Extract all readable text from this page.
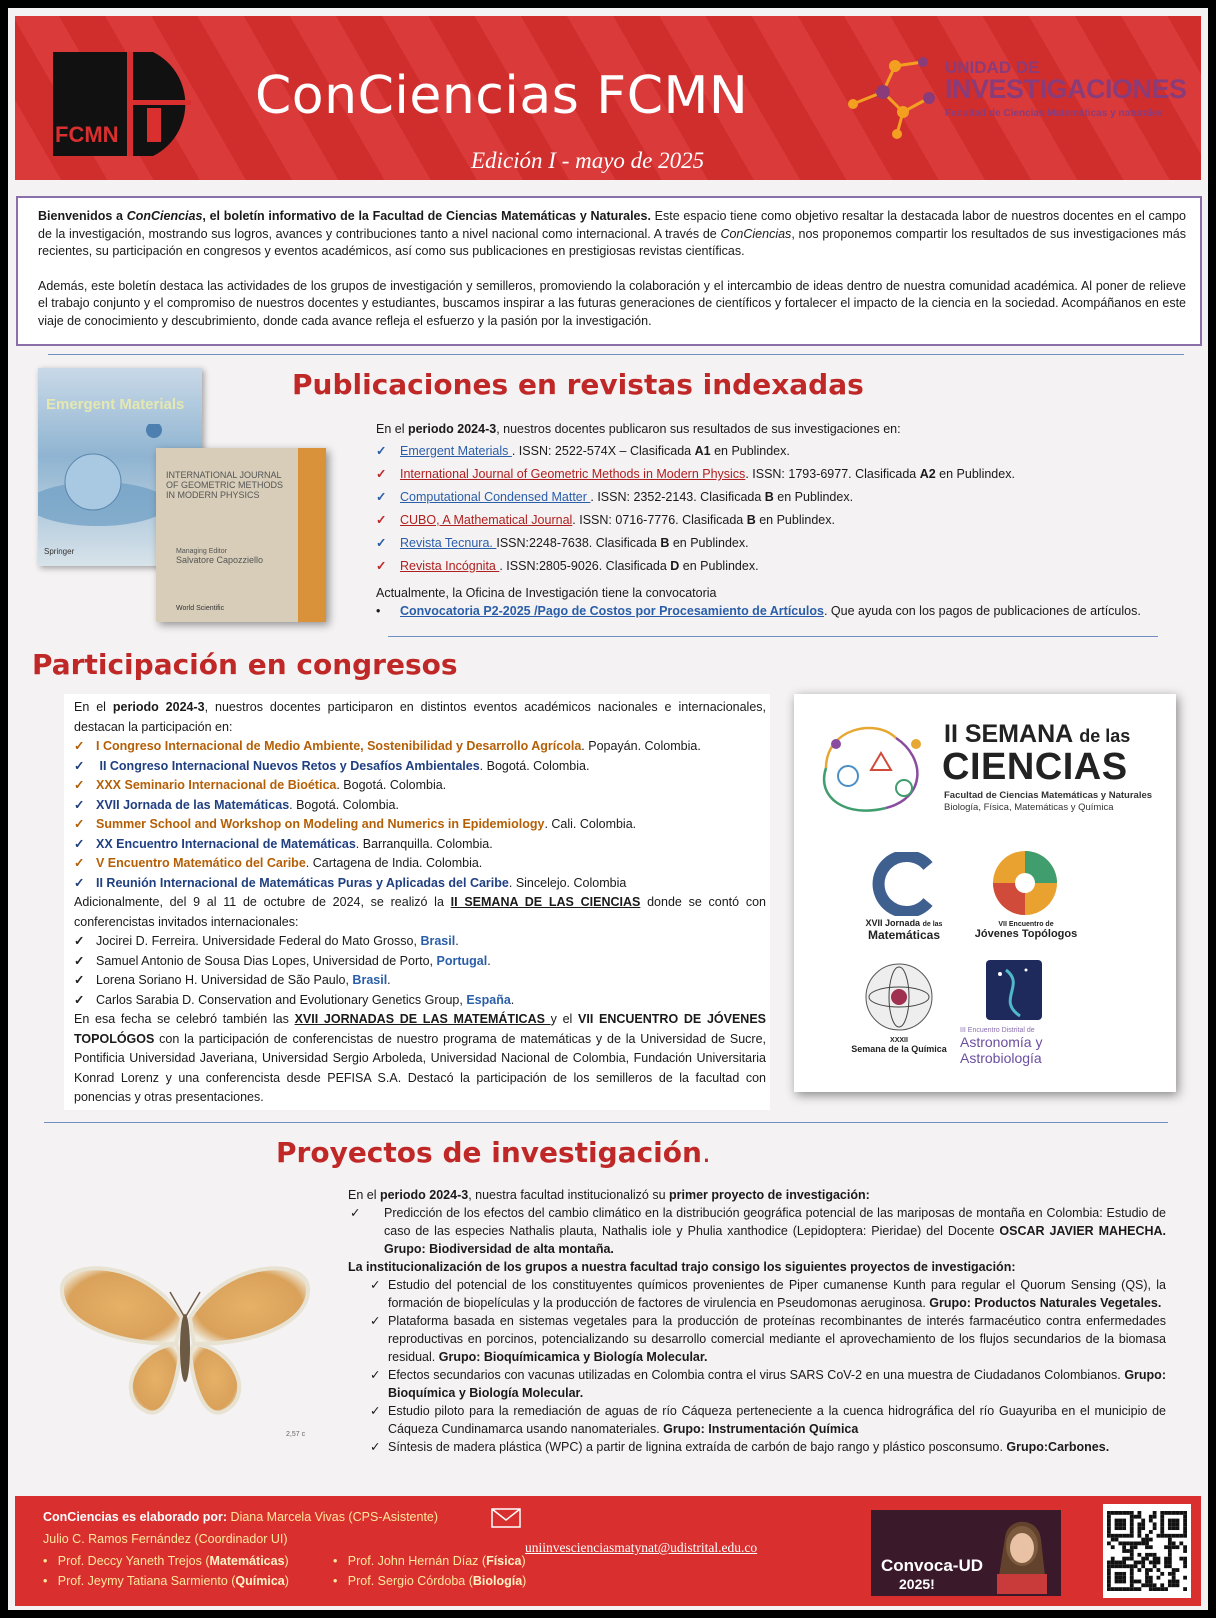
FCMN
ConCiencias FCMN
Edición I - mayo de 2025
UNIDAD DE
INVESTIGACIONES
Facultad de Ciencias Matemáticas y naturales

Bienvenidos a ConCiencias, el boletín informativo de la Facultad de Ciencias Matemáticas y Naturales. Este espacio tiene como objetivo resaltar la destacada labor de nuestros docentes en el campo de la investigación, mostrando sus logros, avances y contribuciones tanto a nivel nacional como internacional. A través de ConCiencias, nos proponemos compartir los resultados de sus investigaciones más recientes, su participación en congresos y eventos académicos, así como sus publicaciones en prestigiosas revistas científicas.

Además, este boletín destaca las actividades de los grupos de investigación y semilleros, promoviendo la colaboración y el intercambio de ideas dentro de nuestra comunidad académica. Al poner de relieve el trabajo conjunto y el compromiso de nuestros docentes y estudiantes, buscamos inspirar a las futuras generaciones de científicos y fortalecer el impacto de la ciencia en la sociedad. Acompáñanos en este viaje de conocimiento y descubrimiento, donde cada avance refleja el esfuerzo y la pasión por la investigación.

Emergent Materials
Springer
INTERNATIONAL JOURNAL OF GEOMETRIC METHODS IN MODERN PHYSICS
Managing Editor
Salvatore Capozziello
World Scientific
Publicaciones en revistas indexadas
En el periodo 2024-3, nuestros docentes publicaron sus resultados de sus investigaciones en:
✓ Emergent Materials . ISSN: 2522-574X – Clasificada A1 en Publindex.
✓ International Journal of Geometric Methods in Modern Physics. ISSN: 1793-6977. Clasificada A2 en Publindex.
✓ Computational Condensed Matter . ISSN: 2352-2143. Clasificada B en Publindex.
✓ CUBO, A Mathematical Journal. ISSN: 0716-7776. Clasificada B en Publindex.
✓ Revista Tecnura. ISSN:2248-7638. Clasificada B en Publindex.
✓ Revista Incógnita . ISSN:2805-9026. Clasificada D en Publindex.
Actualmente, la Oficina de Investigación tiene la convocatoria
• Convocatoria P2-2025 /Pago de Costos por Procesamiento de Artículos. Que ayuda con los pagos de publicaciones de artículos.
Participación en congresos
En el periodo 2024-3, nuestros docentes participaron en distintos eventos académicos nacionales e internacionales, destacan la participación en:
✓ I Congreso Internacional de Medio Ambiente, Sostenibilidad y Desarrollo Agrícola. Popayán. Colombia.
✓ II Congreso Internacional Nuevos Retos y Desafíos Ambientales. Bogotá. Colombia.
✓ XXX Seminario Internacional de Bioética. Bogotá. Colombia.
✓ XVII Jornada de las Matemáticas. Bogotá. Colombia.
✓ Summer School and Workshop on Modeling and Numerics in Epidemiology. Cali. Colombia.
✓ XX Encuentro Internacional de Matemáticas. Barranquilla. Colombia.
✓ V Encuentro Matemático del Caribe. Cartagena de India. Colombia.
✓ II Reunión Internacional de Matemáticas Puras y Aplicadas del Caribe. Sincelejo. Colombia
Adicionalmente, del 9 al 11 de octubre de 2024, se realizó la II SEMANA DE LAS CIENCIAS donde se contó con conferencistas invitados internacionales:
✓ Jocirei D. Ferreira. Universidade Federal do Mato Grosso, Brasil.
✓ Samuel Antonio de Sousa Dias Lopes, Universidad de Porto, Portugal.
✓ Lorena Soriano H. Universidad de São Paulo, Brasil.
✓ Carlos Sarabia D. Conservation and Evolutionary Genetics Group, España.
En esa fecha se celebró también las XVII JORNADAS DE LAS MATEMÁTICAS y el VII ENCUENTRO DE JÓVENES TOPOLÓGOS con la participación de conferencistas de nuestro programa de matemáticas y de la Universidad de Sucre, Pontificia Universidad Javeriana, Universidad Sergio Arboleda, Universidad Nacional de Colombia, Fundación Universitaria Konrad Lorenz y una conferencista desde PEFISA S.A. Destacó la participación de los semilleros de la facultad con ponencias y otras presentaciones.
II SEMANA de las
CIENCIAS
Facultad de Ciencias Matemáticas y Naturales
Biología, Física, Matemáticas y Química
XVII Jornada de las
Matemáticas
VII Encuentro de
Jóvenes Topólogos
XXXII
Semana de la Química
III Encuentro Distrital de
Astronomía y
Astrobiología
Proyectos de investigación.
2,57 c

En el periodo 2024-3, nuestra facultad institucionalizó su primer proyecto de investigación:

✓	Predicción de los efectos del cambio climático en la distribución geográfica potencial de las mariposas de montaña en Colombia: Estudio de caso de las especies Nathalis plauta, Nathalis iole y Phulia xanthodice (Lepidoptera: Pieridae) del Docente OSCAR JAVIER MAHECHA. Grupo: Biodiversidad de alta montaña.

La institucionalización de los grupos a nuestra facultad trajo consigo los siguientes proyectos de investigación:

✓ Estudio del potencial de los constituyentes químicos provenientes de Piper cumanense Kunth para regular el Quorum Sensing (QS), la formación de biopelículas y la producción de factores de virulencia en Pseudomonas aeruginosa. Grupo: Productos Naturales Vegetales.
✓ Plataforma basada en sistemas vegetales para la producción de proteínas recombinantes de interés farmacéutico contra enfermedades reproductivas en porcinos, potencializando su desarrollo comercial mediante el aprovechamiento de los flujos secundarios de la biomasa residual. Grupo: Bioquímicamica y Biología Molecular.
✓ Efectos secundarios con vacunas utilizadas en Colombia contra el virus SARS CoV-2 en una muestra de Ciudadanos Colombianos. Grupo: Bioquímica y Biología Molecular.
✓ Estudio piloto para la remediación de aguas de río Cáqueza perteneciente a la cuenca hidrográfica del río Guayuriba en el municipio de Cáqueza Cundinamarca usando nanomateriales. Grupo: Instrumentación Química
✓ Síntesis de madera plástica (WPC) a partir de lignina extraída de carbón de bajo rango y plástico posconsumo. Grupo:Carbones.
ConCiencias es elaborado por: Diana Marcela Vivas (CPS-Asistente)
Julio C. Ramos Fernández (Coordinador UI)
•   Prof. Deccy Yaneth Trejos (Matemáticas)
•   Prof. Jeymy Tatiana Sarmiento (Química)
•   Prof. John Hernán Díaz (Física)
•   Prof. Sergio Córdoba (Biología)
uniinvescienciasmatynat@udistrital.edu.co
Convoca-UD
2025!
